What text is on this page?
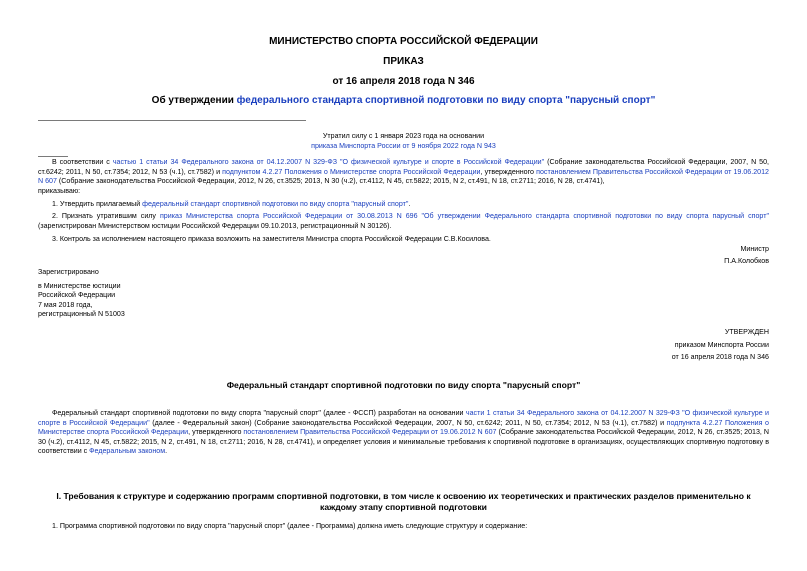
МИНИСТЕРСТВО СПОРТА РОССИЙСКОЙ ФЕДЕРАЦИИ
ПРИКАЗ
от 16 апреля 2018 года N 346
Об утверждении федерального стандарта спортивной подготовки по виду спорта "парусный спорт"
Утратил силу с 1 января 2023 года на основании
приказа Минспорта России от 9 ноября 2022 года N 943
В соответствии с частью 1 статьи 34 Федерального закона от 04.12.2007 N 329-ФЗ "О физической культуре и спорте в Российской Федерации" (Собрание законодательства Российской Федерации, 2007, N 50, ст.6242; 2011, N 50, ст.7354; 2012, N 53 (ч.1), ст.7582) и подпунктом 4.2.27 Положения о Министерстве спорта Российской Федерации, утвержденного постановлением Правительства Российской Федерации от 19.06.2012 N 607 (Собрание законодательства Российской Федерации, 2012, N 26, ст.3525; 2013, N 30 (ч.2), ст.4112, N 45, ст.5822; 2015, N 2, ст.491, N 18, ст.2711; 2016, N 28, ст.4741),
приказываю:
1. Утвердить прилагаемый федеральный стандарт спортивной подготовки по виду спорта "парусный спорт".
2. Признать утратившим силу приказ Министерства спорта Российской Федерации от 30.08.2013 N 696 "Об утверждении Федерального стандарта спортивной подготовки по виду спорта парусный спорт" (зарегистрирован Министерством юстиции Российской Федерации 09.10.2013, регистрационный N 30126).
3. Контроль за исполнением настоящего приказа возложить на заместителя Министра спорта Российской Федерации С.В.Косилова.
Министр
П.А.Колобков
Зарегистрировано
в Министерстве юстиции
Российской Федерации
7 мая 2018 года,
регистрационный N 51003
УТВЕРЖДЕН
приказом Минспорта России
от 16 апреля 2018 года N 346
Федеральный стандарт спортивной подготовки по виду спорта "парусный спорт"
Федеральный стандарт спортивной подготовки по виду спорта "парусный спорт" (далее - ФССП) разработан на основании части 1 статьи 34 Федерального закона от 04.12.2007 N 329-ФЗ "О физической культуре и спорте в Российской Федерации" (далее - Федеральный закон) (Собрание законодательства Российской Федерации, 2007, N 50, ст.6242; 2011, N 50, ст.7354; 2012, N 53 (ч.1), ст.7582) и подпункта 4.2.27 Положения о Министерстве спорта Российской Федерации, утвержденного постановлением Правительства Российской Федерации от 19.06.2012 N 607 (Собрание законодательства Российской Федерации, 2012, N 26, ст.3525; 2013, N 30 (ч.2), ст.4112, N 45, ст.5822; 2015, N 2, ст.491, N 18, ст.2711; 2016, N 28, ст.4741), и определяет условия и минимальные требования к спортивной подготовке в организациях, осуществляющих спортивную подготовку в соответствии с Федеральным законом.
I. Требования к структуре и содержанию программ спортивной подготовки, в том числе к освоению их теоретических и практических разделов применительно к каждому этапу спортивной подготовки
1. Программа спортивной подготовки по виду спорта "парусный спорт" (далее - Программа) должна иметь следующие структуру и содержание:
